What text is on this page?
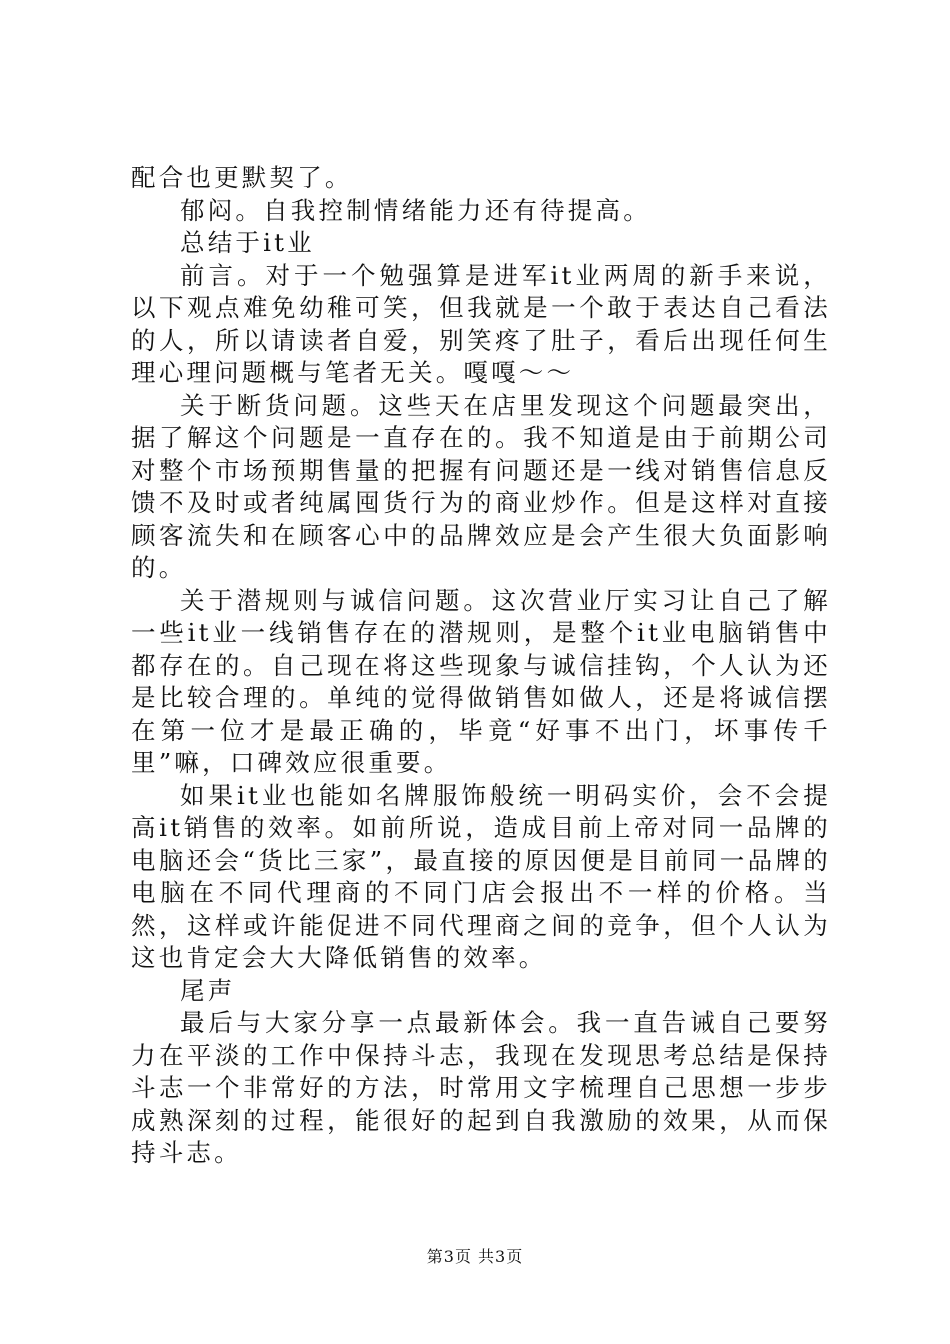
配合也更默契了。

郁闷。自我控制情绪能力还有待提高。

总结于it业

前言。对于一个勉强算是进军it业两周的新手来说，以下观点难免幼稚可笑，但我就是一个敢于表达自己看法的人，所以请读者自爱，别笑疼了肚子，看后出现任何生理心理问题概与笔者无关。嘎嘎～～

关于断货问题。这些天在店里发现这个问题最突出，据了解这个问题是一直存在的。我不知道是由于前期公司对整个市场预期售量的把握有问题还是一线对销售信息反馈不及时或者纯属囤货行为的商业炒作。但是这样对直接顾客流失和在顾客心中的品牌效应是会产生很大负面影响的。

关于潜规则与诚信问题。这次营业厅实习让自己了解一些it业一线销售存在的潜规则，是整个it业电脑销售中都存在的。自己现在将这些现象与诚信挂钩，个人认为还是比较合理的。单纯的觉得做销售如做人，还是将诚信摆在第一位才是最正确的，毕竟“好事不出门，坏事传千里”嘛，口碑效应很重要。

如果it业也能如名牌服饰般统一明码实价，会不会提高it销售的效率。如前所说，造成目前上帝对同一品牌的电脑还会“货比三家”，最直接的原因便是目前同一品牌的电脑在不同代理商的不同门店会报出不一样的价格。当然，这样或许能促进不同代理商之间的竞争，但个人认为这也肯定会大大降低销售的效率。

尾声

最后与大家分享一点最新体会。我一直告诫自己要努力在平淡的工作中保持斗志，我现在发现思考总结是保持斗志一个非常好的方法，时常用文字梳理自己思想一步步成熟深刻的过程，能很好的起到自我激励的效果，从而保持斗志。

第3页 共3页
